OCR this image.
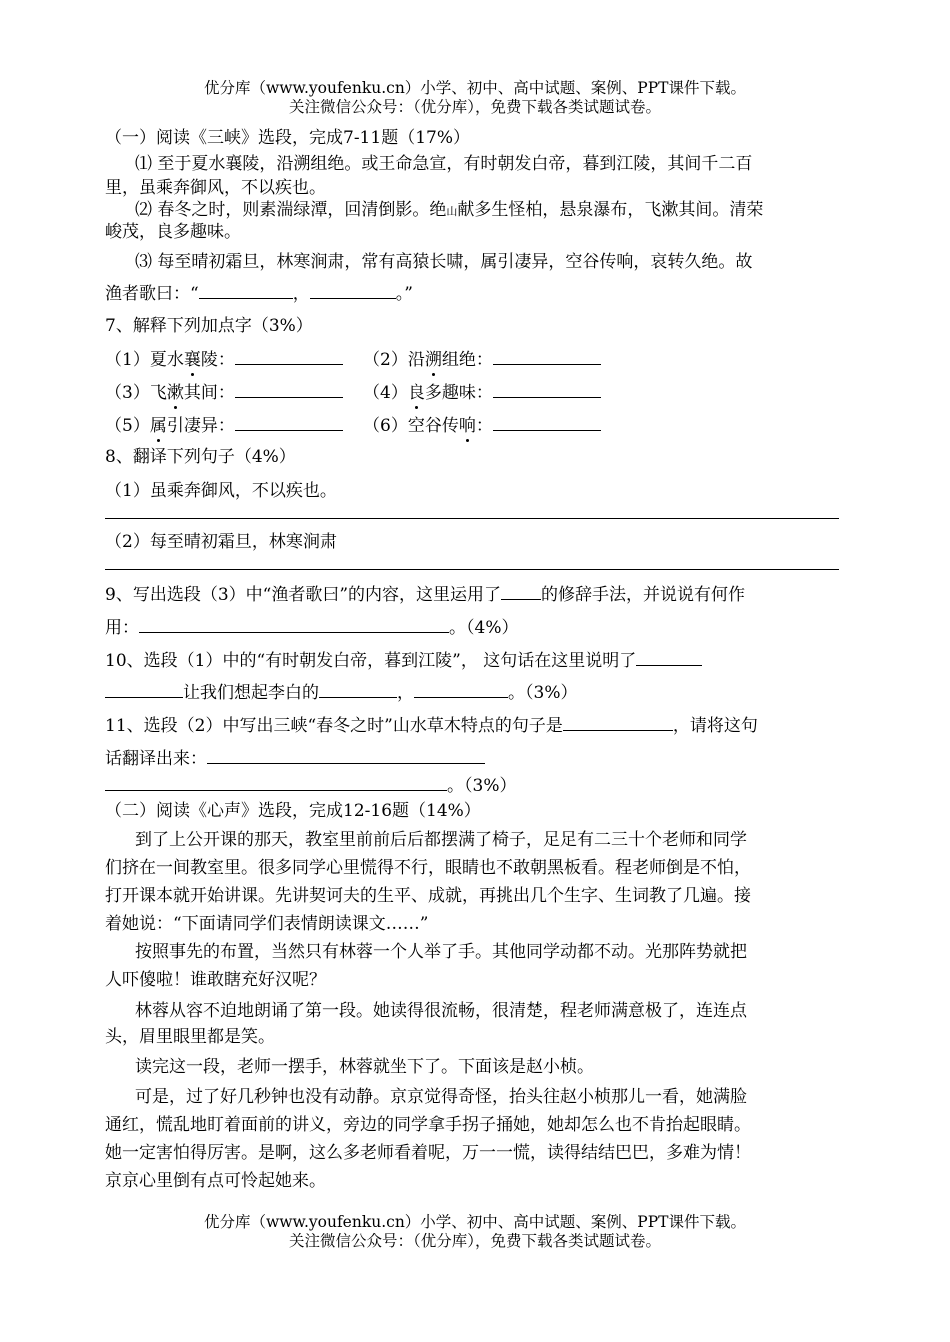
优分库（www.youfenku.cn）小学、初中、高中试题、案例、PPT课件下载。
关注微信公众号：（优分库），免费下载各类试题试卷。
（一）阅读《三峡》选段，完成7-11题（17%）
⑴ 至于夏水襄陵，沿溯组绝。或王命急宣，有时朝发白帝，暮到江陵，其间千二百
里，虽乘奔御风，不以疾也。
⑵ 春冬之时，则素湍绿潭，回清倒影。绝山献多生怪柏，悬泉瀑布，飞漱其间。清荣
峻茂，良多趣味。
⑶ 每至晴初霜旦，林寒涧肃，常有高猿长啸，属引凄异，空谷传响，哀转久绝。故
渔者歌曰：“	，	。”
7、解释下列加点字（3%）
（1）夏水襄陵：	（2）沿溯组绝：
（3）飞漱其间：	（4）良多趣味：
（5）属引凄异：	（6）空谷传响：
8、翻译下列句子（4%）
（1）虽乘奔御风，不以疾也。
（2）每至晴初霜旦，林寒涧肃
9、写出选段（3）中“渔者歌曰”的内容，这里运用了 的修辞手法，并说说有何作
用：	。（4%）
10、选段（1）中的“有时朝发白帝，暮到江陵”， 这句话在这里说明了
让我们想起李白的	，	。（3%）
11、选段（2）中写出三峡“春冬之时”山水草木特点的句子是	，请将这句
话翻译出来：
。（3%）
（二）阅读《心声》选段，完成12-16题（14%）
到了上公开课的那天，教室里前前后后都摆满了椅子，足足有二三十个老师和同学
们挤在一间教室里。很多同学心里慌得不行，眼睛也不敢朝黑板看。程老师倒是不怕，
打开课本就开始讲课。先讲契诃夫的生平、成就，再挑出几个生字、生词教了几遍。接
着她说：“下面请同学们表情朗读课文……”
按照事先的布置，当然只有林蓉一个人举了手。其他同学动都不动。光那阵势就把
人吓傻啦！谁敢瞎充好汉呢？
林蓉从容不迫地朗诵了第一段。她读得很流畅，很清楚，程老师满意极了，连连点
头，眉里眼里都是笑。
读完这一段，老师一摆手，林蓉就坐下了。下面该是赵小桢。
可是，过了好几秒钟也没有动静。京京觉得奇怪，抬头往赵小桢那儿一看，她满脸
通红，慌乱地盯着面前的讲义，旁边的同学拿手拐子捅她，她却怎么也不肯抬起眼睛。
她一定害怕得厉害。是啊，这么多老师看着呢，万一一慌，读得结结巴巴，多难为情！
京京心里倒有点可怜起她来。
优分库（www.youfenku.cn）小学、初中、高中试题、案例、PPT课件下载。
关注微信公众号：（优分库），免费下载各类试题试卷。
